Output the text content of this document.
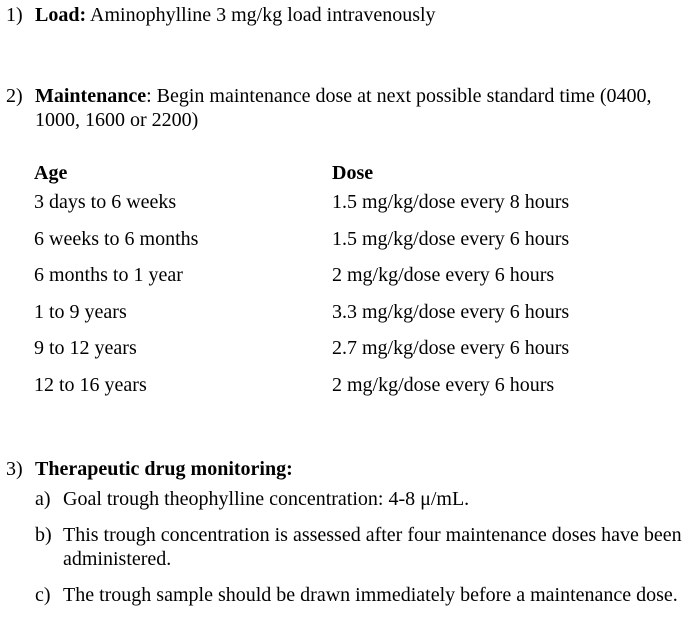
1) Load: Aminophylline 3 mg/kg load intravenously
2) Maintenance: Begin maintenance dose at next possible standard time (0400, 1000, 1600 or 2200)
Age	Dose
3 days to 6 weeks	1.5 mg/kg/dose every 8 hours
6 weeks to 6 months	1.5 mg/kg/dose every 6 hours
6 months to 1 year	2 mg/kg/dose every 6 hours
1 to 9 years	3.3 mg/kg/dose every 6 hours
9 to 12 years	2.7 mg/kg/dose every 6 hours
12 to 16 years	2 mg/kg/dose every 6 hours
3) Therapeutic drug monitoring:
a) Goal trough theophylline concentration: 4-8 μ/mL.
b) This trough concentration is assessed after four maintenance doses have been administered.
c) The trough sample should be drawn immediately before a maintenance dose.
